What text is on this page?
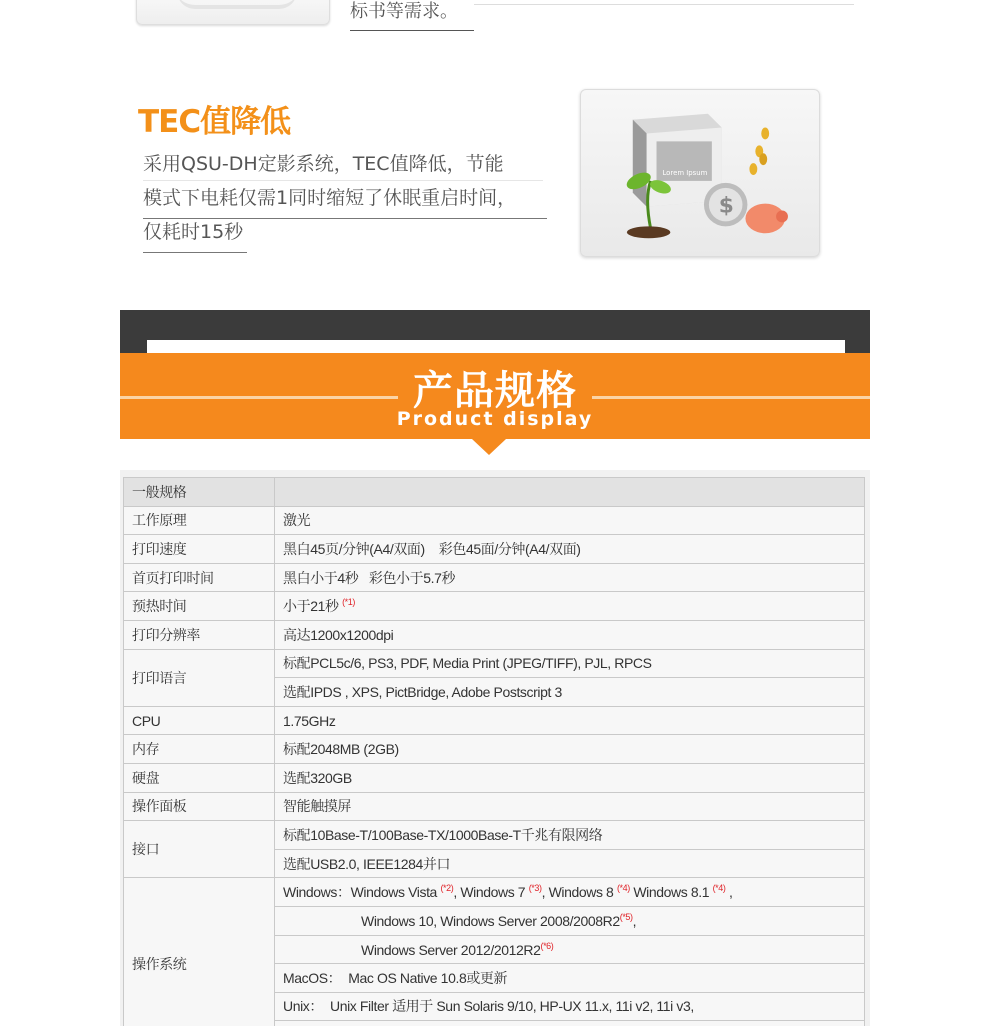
标书等需求。
TEC值降低
采用QSU-DH定影系统，TEC值降低，节能
模式下电耗仅需1同时缩短了休眠重启时间，
仅耗时15秒
Lorem Ipsum
$
产品规格
Product display
一般规格	
工作原理	激光
打印速度	黑白45页/分钟(A4/双面)    彩色45面/分钟(A4/双面)
首页打印时间	黑白小于4秒   彩色小于5.7秒
预热时间	小于21秒 $^{(*1)}$
打印分辨率	高达1200x1200dpi
打印语言	标配PCL5c/6, PS3, PDF, Media Print (JPEG/TIFF), PJL, RPCS
	选配IPDS , XPS, PictBridge, Adobe Postscript 3
CPU	1.75GHz
内存	标配2048MB (2GB)
硬盘	选配320GB
操作面板	智能触摸屏
接口	标配10Base-T/100Base-TX/1000Base-T千兆有限网络
	选配USB2.0, IEEE1284并口
操作系统	Windows：Windows Vista $^{(*2)}$, Windows 7 $^{(*3)}$, Windows 8 $^{(*4)}$ Windows 8.1 $^{(*4)}$ ,
	Windows 10, Windows Server $2008/2008R2^{(*5)}$,
	Windows Server $2012/2012R2^{(*6)}$
	MacOS：  Mac OS Native 10.8或更新
	Unix：  Unix Filter 适用于 Sun Solaris 9/10, HP-UX 11.x, 11i v2, 11i v3,
